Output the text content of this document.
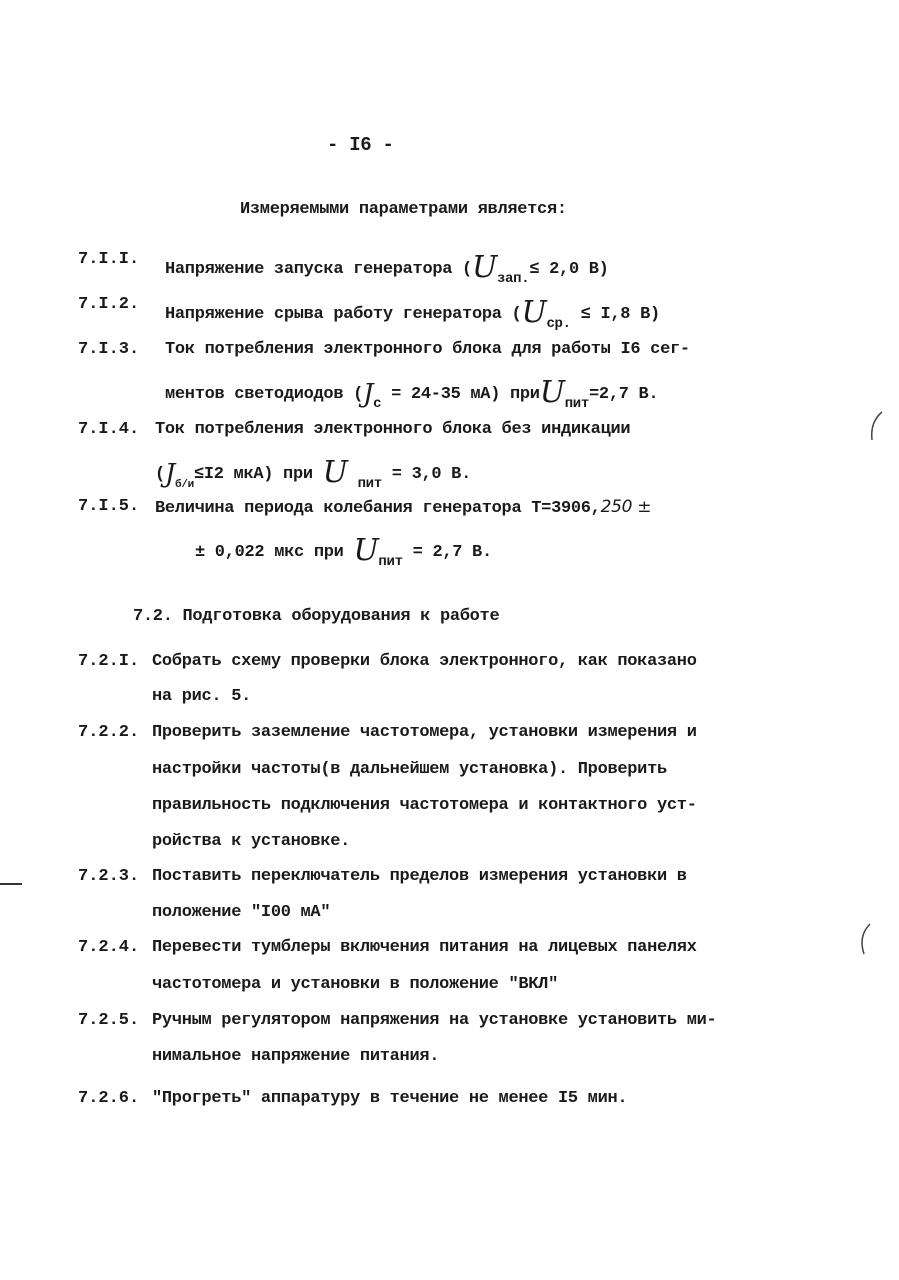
- I6 -
Измеряемыми параметрами является:
7.I.I.
Напряжение запуска генератора ($U_{зап.}\le 2,0$ В)
7.I.2.
Напряжение срыва работу генератора ($U_{ср.} \le I,8$ В)
7.I.3. Ток потребления электронного блока для работы I6 сег-
ментов светодиодов ($J_с = 24-35$ мА) приU$_{пит}$=2,7 В.
7.I.4. Ток потребления электронного блока без индикации
($J_{б/и}\le I2$ мкА) при U $_{пит}$ = 3,0 В.
7.I.5. Величина периода колебания генератора T=3906,250 ±
± 0,022 мкс при $U_{пит} = 2,7$ В.
7.2. Подготовка оборудования к работе
7.2.I. Собрать схему проверки блока электронного, как показано
на рис. 5.
7.2.2. Проверить заземление частотомера, установки измерения и
настройки частоты(в дальнейшем установка). Проверить
правильность подключения частотомера и контактного уст-
ройства к установке.
7.2.3. Поставить переключатель пределов измерения установки в
положение "I00 мА"
7.2.4. Перевести тумблеры включения питания на лицевых панелях
частотомера и установки в положение "ВКЛ"
7.2.5. Ручным регулятором напряжения на установке установить ми-
нимальное напряжение питания.
7.2.6. "Прогреть" аппаратуру в течение не менее I5 мин.
